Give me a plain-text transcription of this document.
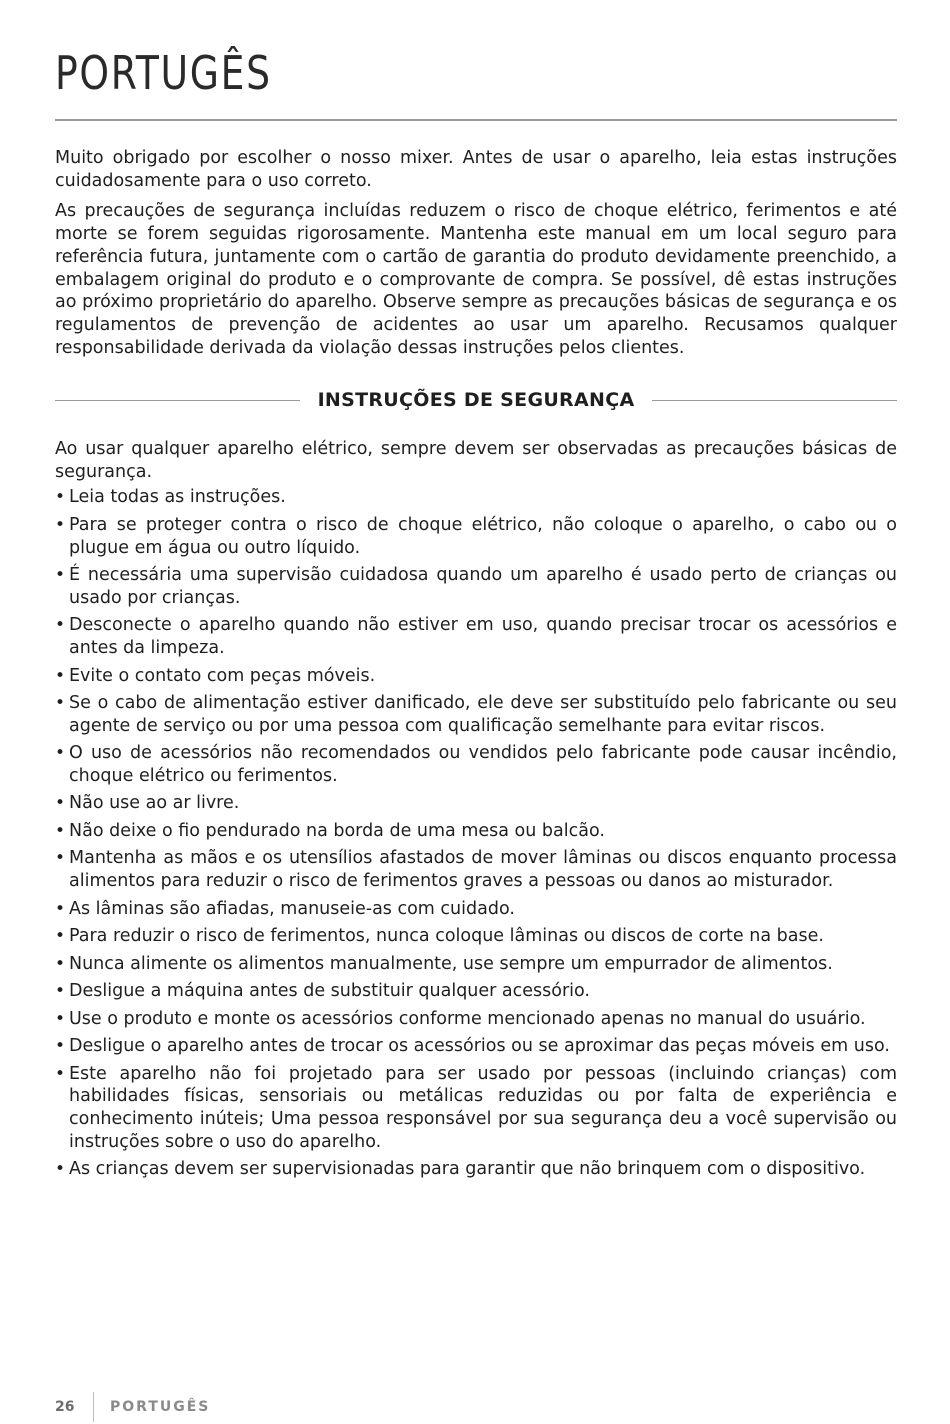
PORTUGÊS

Muito obrigado por escolher o nosso mixer. Antes de usar o aparelho, leia estas instruções cuidadosamente para o uso correto.

As precauções de segurança incluídas reduzem o risco de choque elétrico, ferimentos e até morte se forem seguidas rigorosamente. Mantenha este manual em um local seguro para referência futura, juntamente com o cartão de garantia do produto devidamente preenchido, a embalagem original do produto e o comprovante de compra. Se possível, dê estas instruções ao próximo proprietário do aparelho. Observe sempre as precauções básicas de segurança e os regulamentos de prevenção de acidentes ao usar um aparelho. Recusamos qualquer responsabilidade derivada da violação dessas instruções pelos clientes.

INSTRUÇÕES DE SEGURANÇA

Ao usar qualquer aparelho elétrico, sempre devem ser observadas as precauções básicas de segurança.

• Leia todas as instruções.
• Para se proteger contra o risco de choque elétrico, não coloque o aparelho, o cabo ou o plugue em água ou outro líquido.
• É necessária uma supervisão cuidadosa quando um aparelho é usado perto de crianças ou usado por crianças.
• Desconecte o aparelho quando não estiver em uso, quando precisar trocar os acessórios e antes da limpeza.
• Evite o contato com peças móveis.
• Se o cabo de alimentação estiver danificado, ele deve ser substituído pelo fabricante ou seu agente de serviço ou por uma pessoa com qualificação semelhante para evitar riscos.
• O uso de acessórios não recomendados ou vendidos pelo fabricante pode causar incêndio, choque elétrico ou ferimentos.
• Não use ao ar livre.
• Não deixe o fio pendurado na borda de uma mesa ou balcão.
• Mantenha as mãos e os utensílios afastados de mover lâminas ou discos enquanto processa alimentos para reduzir o risco de ferimentos graves a pessoas ou danos ao misturador.
• As lâminas são afiadas, manuseie-as com cuidado.
• Para reduzir o risco de ferimentos, nunca coloque lâminas ou discos de corte na base.
• Nunca alimente os alimentos manualmente, use sempre um empurrador de alimentos.
• Desligue a máquina antes de substituir qualquer acessório.
• Use o produto e monte os acessórios conforme mencionado apenas no manual do usuário.
• Desligue o aparelho antes de trocar os acessórios ou se aproximar das peças móveis em uso.
• Este aparelho não foi projetado para ser usado por pessoas (incluindo crianças) com habilidades físicas, sensoriais ou metálicas reduzidas ou por falta de experiência e conhecimento inúteis; Uma pessoa responsável por sua segurança deu a você supervisão ou instruções sobre o uso do aparelho.
• As crianças devem ser supervisionadas para garantir que não brinquem com o dispositivo.
26	PORTUGÊS
